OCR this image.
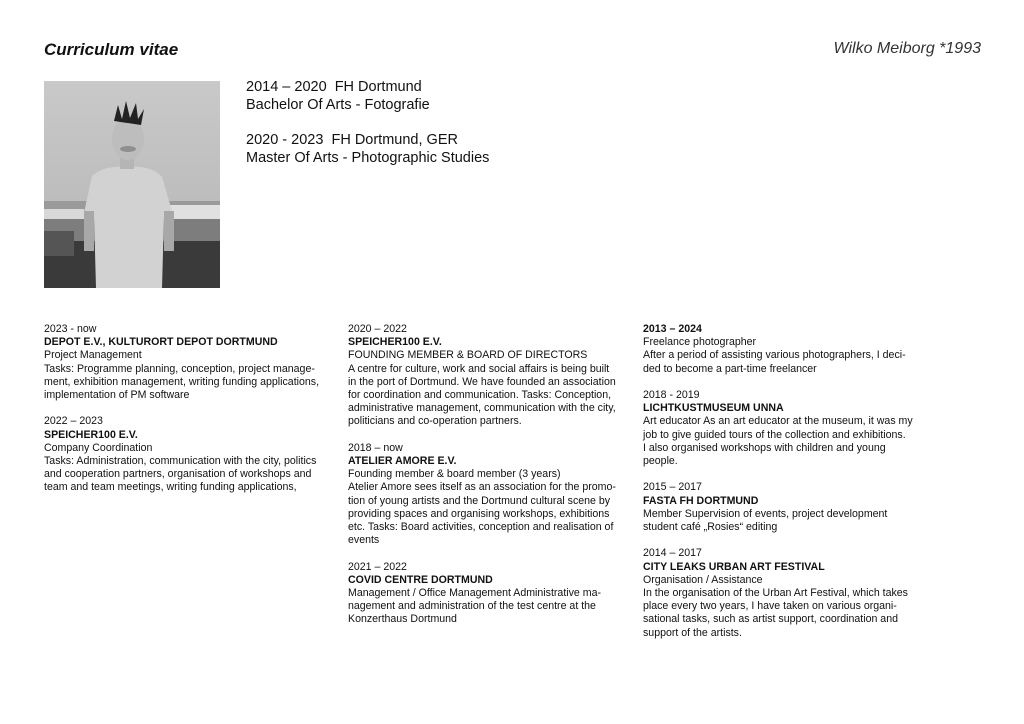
Curriculum vitae	Wilko Meiborg *1993
2014 – 2020  FH Dortmund
Bachelor Of Arts - Fotografie
2020 - 2023  FH Dortmund, GER
Master Of Arts - Photographic Studies
2023 - now
DEPOT E.V., KULTURORT DEPOT DORTMUND
Project Management
Tasks: Programme planning, conception, project manage-
ment, exhibition management, writing funding applications,
implementation of PM software
2022 – 2023
SPEICHER100 E.V.
Company Coordination
Tasks: Administration, communication with the city, politics
and cooperation partners, organisation of workshops and
team and team meetings, writing funding applications,
2020 – 2022
SPEICHER100 E.V.
FOUNDING MEMBER & BOARD OF DIRECTORS
A centre for culture, work and social affairs is being built
in the port of Dortmund. We have founded an association
for coordination and communication. Tasks: Conception,
administrative management, communication with the city,
politicians and co-operation partners.
2018 – now
ATELIER AMORE E.V.
Founding member & board member (3 years)
Atelier Amore sees itself as an association for the promo-
tion of young artists and the Dortmund cultural scene by
providing spaces and organising workshops, exhibitions
etc. Tasks: Board activities, conception and realisation of
events
2021 – 2022
COVID CENTRE DORTMUND
Management / Office Management Administrative ma-
nagement and administration of the test centre at the
Konzerthaus Dortmund
2013 – 2024
Freelance photographer
After a period of assisting various photographers, I deci-
ded to become a part-time freelancer
2018 - 2019
LICHTKUSTMUSEUM UNNA
Art educator As an art educator at the museum, it was my
job to give guided tours of the collection and exhibitions.
I also organised workshops with children and young
people.
2015 – 2017
FASTA FH DORTMUND
Member Supervision of events, project development
student café „Rosies“ editing
2014 – 2017
CITY LEAKS URBAN ART FESTIVAL
Organisation / Assistance
In the organisation of the Urban Art Festival, which takes
place every two years, I have taken on various organi-
sational tasks, such as artist support, coordination and
support of the artists.
